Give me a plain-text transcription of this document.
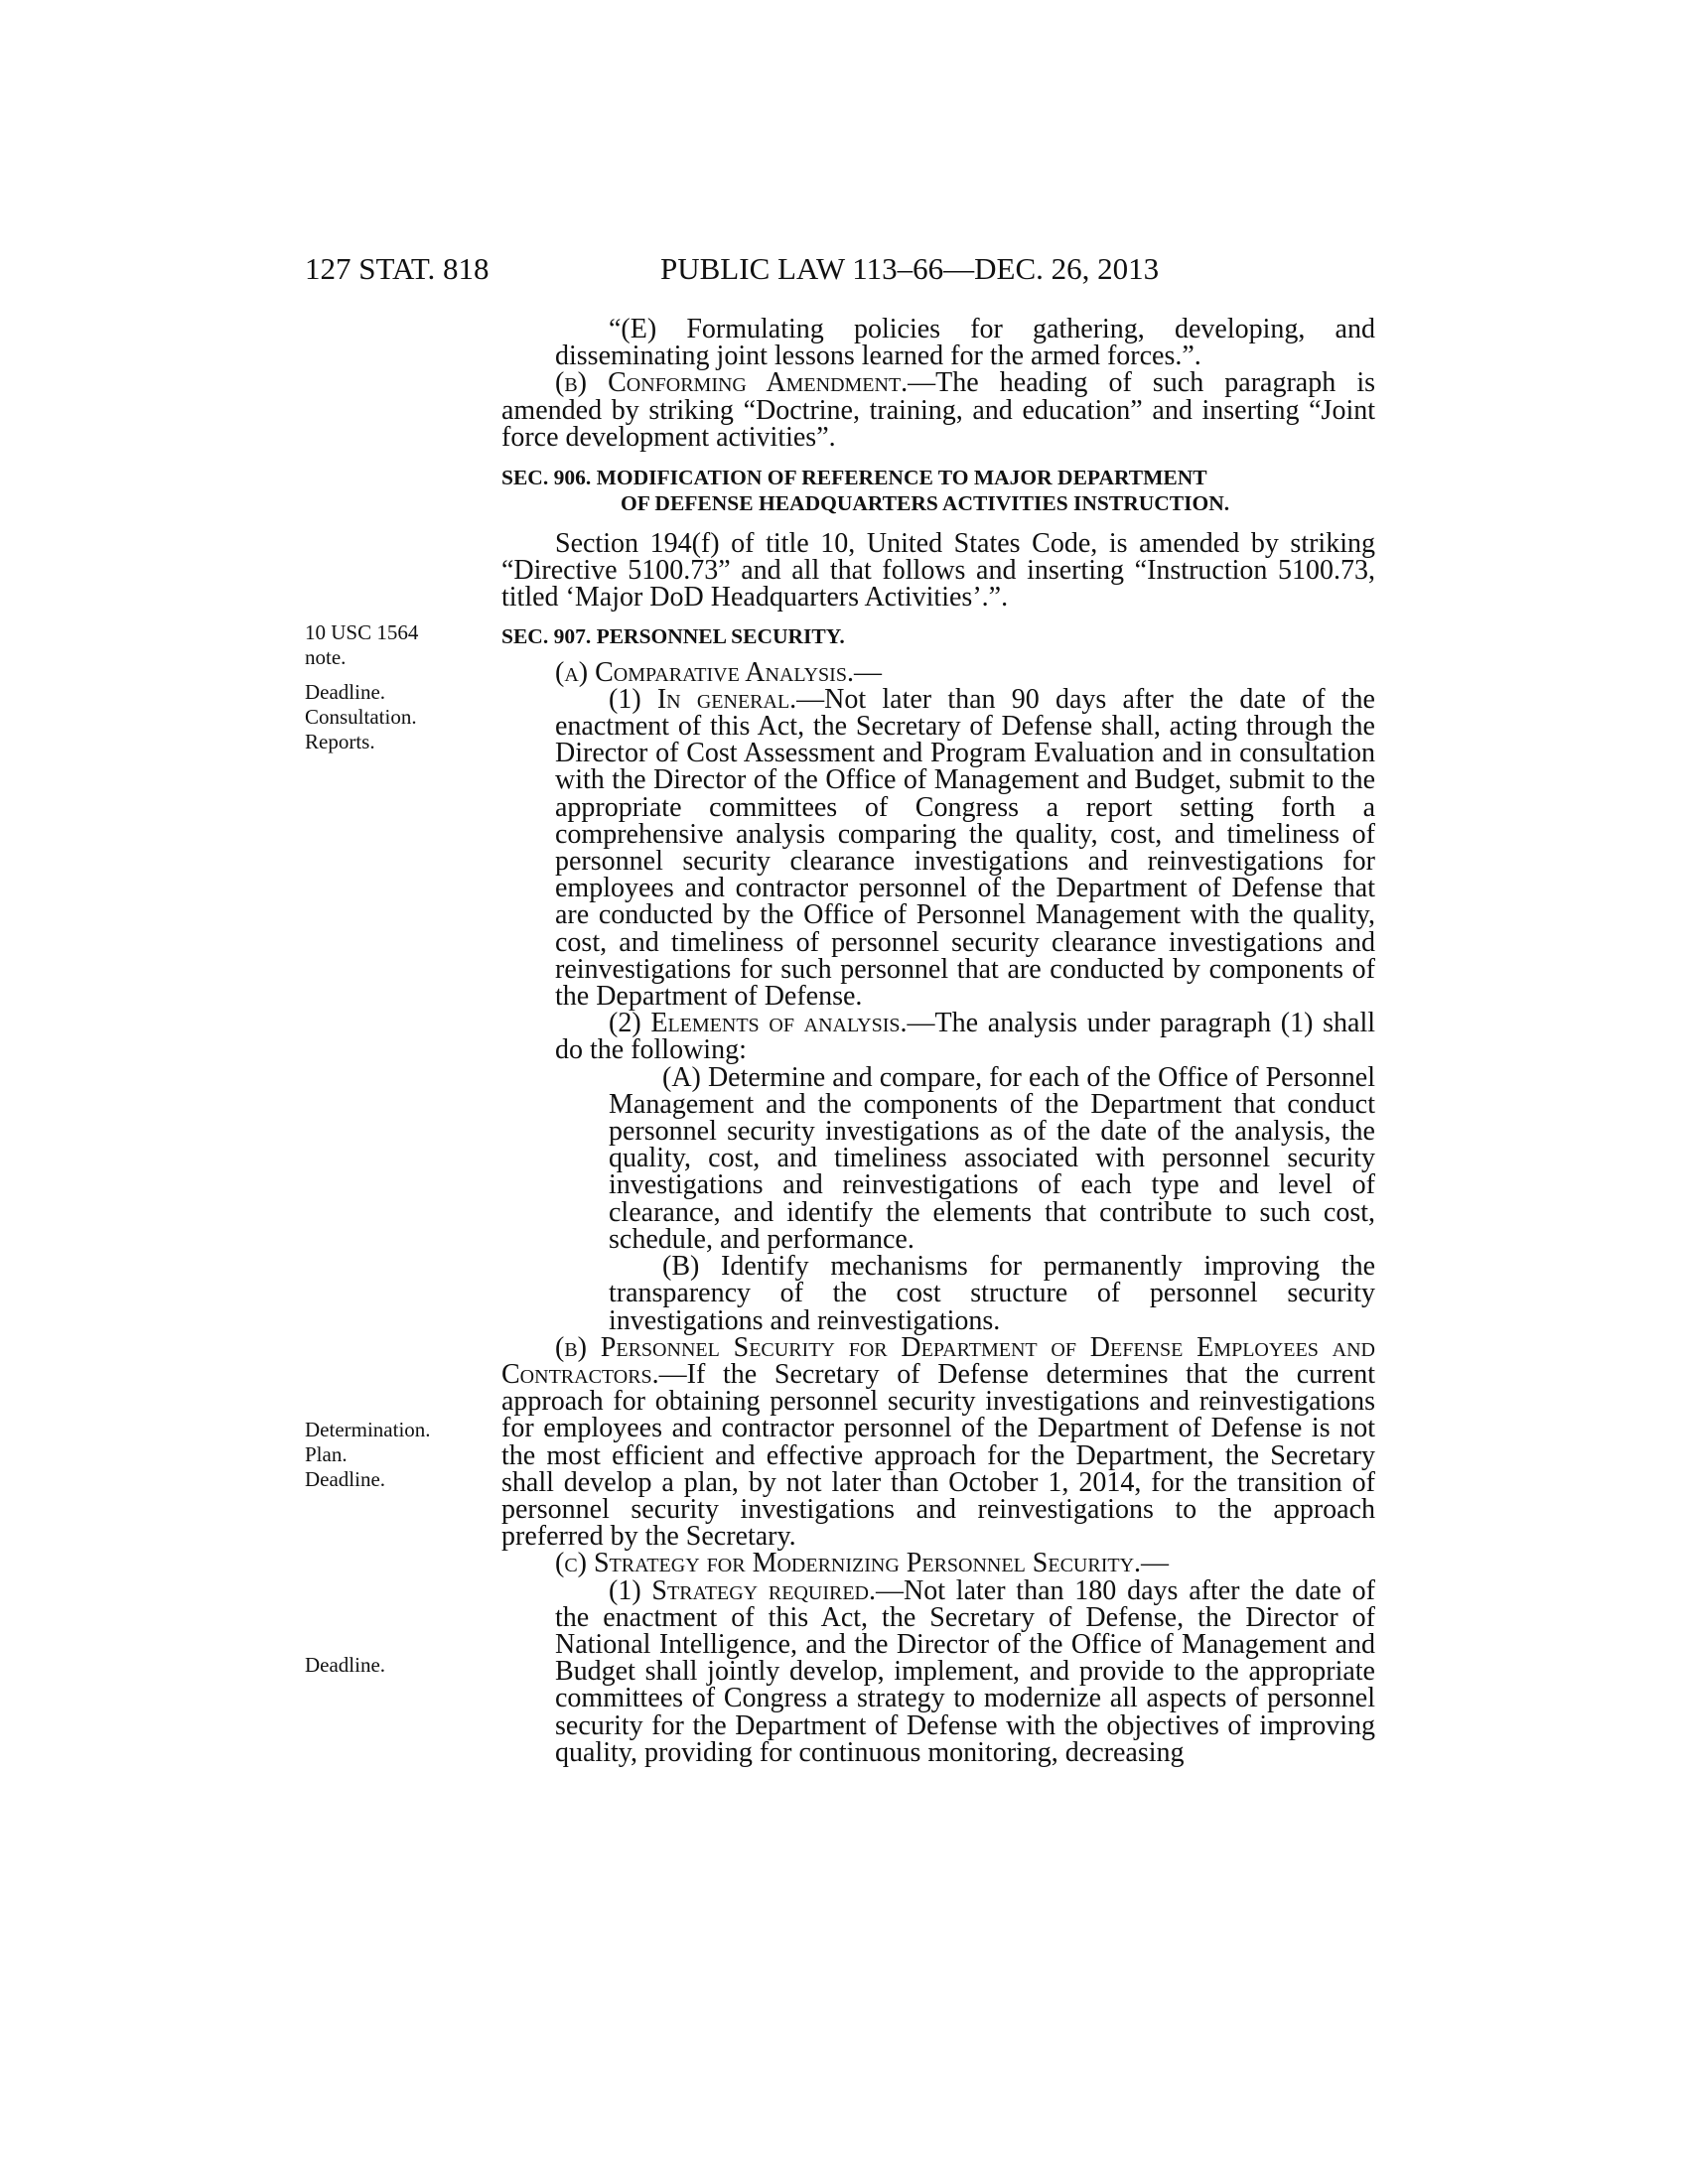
127 STAT. 818	PUBLIC LAW 113–66—DEC. 26, 2013
10 USC 1564
note.
Deadline.
Consultation.
Reports.
Determination.
Plan.
Deadline.
Deadline.

“(E) Formulating policies for gathering, developing, and disseminating joint lessons learned for the armed forces.”.

(b) Conforming Amendment.—The heading of such paragraph is amended by striking “Doctrine, training, and education” and inserting “Joint force development activities”.

SEC. 906. MODIFICATION OF REFERENCE TO MAJOR DEPARTMENT
OF DEFENSE HEADQUARTERS ACTIVITIES INSTRUCTION.

Section 194(f) of title 10, United States Code, is amended by striking “Directive 5100.73” and all that follows and inserting “Instruction 5100.73, titled ‘Major DoD Headquarters Activities’.”.

SEC. 907. PERSONNEL SECURITY.

(a) Comparative Analysis.—

(1) In general.—Not later than 90 days after the date of the enactment of this Act, the Secretary of Defense shall, acting through the Director of Cost Assessment and Program Evaluation and in consultation with the Director of the Office of Management and Budget, submit to the appropriate committees of Congress a report setting forth a comprehensive analysis comparing the quality, cost, and timeliness of personnel security clearance investigations and reinvestigations for employees and contractor personnel of the Department of Defense that are conducted by the Office of Personnel Management with the quality, cost, and timeliness of personnel security clearance investigations and reinvestigations for such personnel that are conducted by components of the Department of Defense.

(2) Elements of analysis.—The analysis under paragraph (1) shall do the following:

(A) Determine and compare, for each of the Office of Personnel Management and the components of the Department that conduct personnel security investigations as of the date of the analysis, the quality, cost, and timeliness associated with personnel security investigations and reinvestigations of each type and level of clearance, and identify the elements that contribute to such cost, schedule, and performance.

(B) Identify mechanisms for permanently improving the transparency of the cost structure of personnel security investigations and reinvestigations.

(b) Personnel Security for Department of Defense Employees and Contractors.—If the Secretary of Defense determines that the current approach for obtaining personnel security investigations and reinvestigations for employees and contractor personnel of the Department of Defense is not the most efficient and effective approach for the Department, the Secretary shall develop a plan, by not later than October 1, 2014, for the transition of personnel security investigations and reinvestigations to the approach preferred by the Secretary.

(c) Strategy for Modernizing Personnel Security.—

(1) Strategy required.—Not later than 180 days after the date of the enactment of this Act, the Secretary of Defense, the Director of National Intelligence, and the Director of the Office of Management and Budget shall jointly develop, implement, and provide to the appropriate committees of Congress a strategy to modernize all aspects of personnel security for the Department of Defense with the objectives of improving quality, providing for continuous monitoring, decreasing
